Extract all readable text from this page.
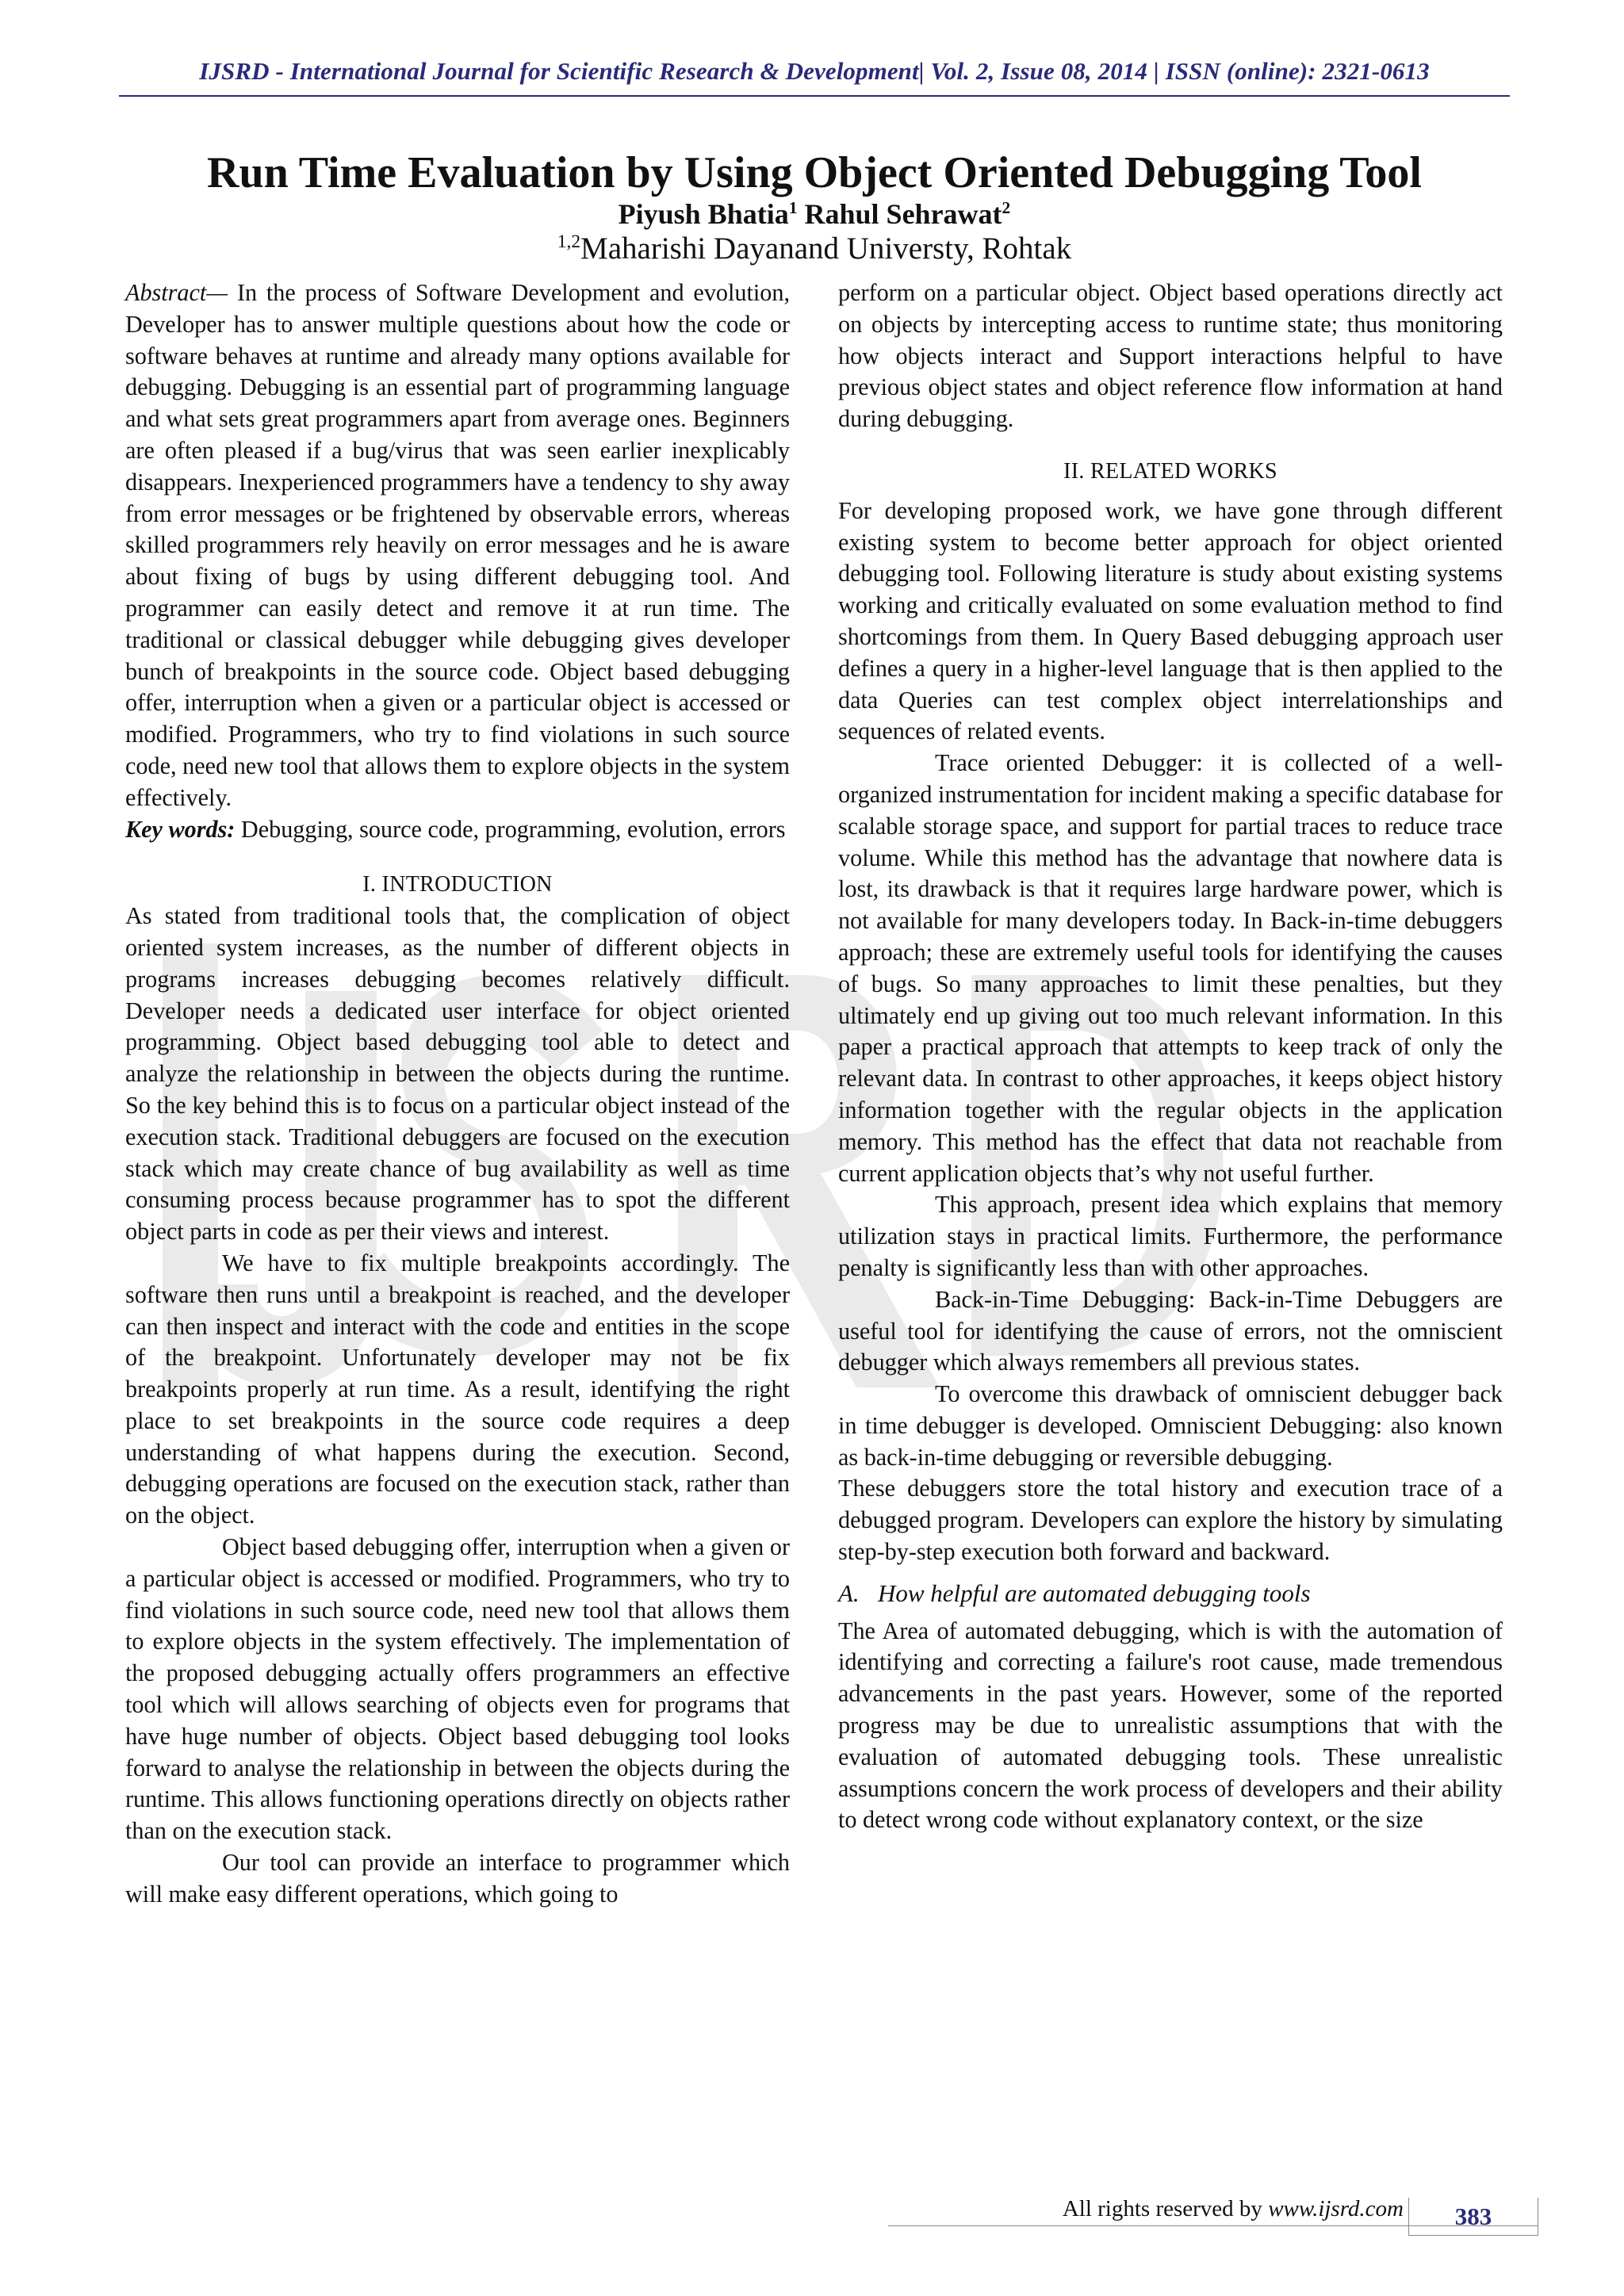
IJSRD - International Journal for Scientific Research & Development| Vol. 2, Issue 08, 2014 | ISSN (online): 2321-0613
Run Time Evaluation by Using Object Oriented Debugging Tool
Piyush Bhatia$^1$ Rahul Sehrawat$^2$
$^{1,2}$Maharishi Dayanand Universty, Rohtak

Abstract— In the process of Software Development and evolution, Developer has to answer multiple questions about how the code or software behaves at runtime and already many options available for debugging. Debugging is an essential part of programming language and what sets great programmers apart from average ones. Beginners are often pleased if a bug/virus that was seen earlier inexplicably disappears. Inexperienced programmers have a tendency to shy away from error messages or be frightened by observable errors, whereas skilled programmers rely heavily on error messages and he is aware about fixing of bugs by using different debugging tool. And programmer can easily detect and remove it at run time. The traditional or classical debugger while debugging gives developer bunch of breakpoints in the source code. Object based debugging offer, interruption when a given or a particular object is accessed or modified. Programmers, who try to find violations in such source code, need new tool that allows them to explore objects in the system effectively.

Key words: Debugging, source code, programming, evolution, errors

I. INTRODUCTION

As stated from traditional tools that, the complication of object oriented system increases, as the number of different objects in programs increases debugging becomes relatively difficult. Developer needs a dedicated user interface for object oriented programming. Object based debugging tool able to detect and analyze the relationship in between the objects during the runtime. So the key behind this is to focus on a particular object instead of the execution stack. Traditional debuggers are focused on the execution stack which may create chance of bug availability as well as time consuming process because programmer has to spot the different object parts in code as per their views and interest.

We have to fix multiple breakpoints accordingly. The software then runs until a breakpoint is reached, and the developer can then inspect and interact with the code and entities in the scope of the breakpoint. Unfortunately developer may not be fix breakpoints properly at run time. As a result, identifying the right place to set breakpoints in the source code requires a deep understanding of what happens during the execution. Second, debugging operations are focused on the execution stack, rather than on the object.

Object based debugging offer, interruption when a given or a particular object is accessed or modified. Programmers, who try to find violations in such source code, need new tool that allows them to explore objects in the system effectively. The implementation of the proposed debugging actually offers programmers an effective tool which will allows searching of objects even for programs that have huge number of objects. Object based debugging tool looks forward to analyse the relationship in between the objects during the runtime. This allows functioning operations directly on objects rather than on the execution stack.

Our tool can provide an interface to programmer which will make easy different operations, which going to

perform on a particular object. Object based operations directly act on objects by intercepting access to runtime state; thus monitoring how objects interact and Support interactions helpful to have previous object states and object reference flow information at hand during debugging.

II. RELATED WORKS

For developing proposed work, we have gone through different existing system to become better approach for object oriented debugging tool. Following literature is study about existing systems working and critically evaluated on some evaluation method to find shortcomings from them. In Query Based debugging approach user defines a query in a higher-level language that is then applied to the data Queries can test complex object interrelationships and sequences of related events.

Trace oriented Debugger: it is collected of a well-organized instrumentation for incident making a specific database for scalable storage space, and support for partial traces to reduce trace volume. While this method has the advantage that nowhere data is lost, its drawback is that it requires large hardware power, which is not available for many developers today. In Back-in-time debuggers approach; these are extremely useful tools for identifying the causes of bugs. So many approaches to limit these penalties, but they ultimately end up giving out too much relevant information. In this paper a practical approach that attempts to keep track of only the relevant data. In contrast to other approaches, it keeps object history information together with the regular objects in the application memory. This method has the effect that data not reachable from current application objects that’s why not useful further.

This approach, present idea which explains that memory utilization stays in practical limits. Furthermore, the performance penalty is significantly less than with other approaches.

Back-in-Time Debugging: Back-in-Time Debuggers are useful tool for identifying the cause of errors, not the omniscient debugger which always remembers all previous states.

To overcome this drawback of omniscient debugger back in time debugger is developed. Omniscient Debugging: also known as back-in-time debugging or reversible debugging.

These debuggers store the total history and execution trace of a debugged program. Developers can explore the history by simulating step-by-step execution both forward and backward.

A. How helpful are automated debugging tools

The Area of automated debugging, which is with the automation of identifying and correcting a failure's root cause, made tremendous advancements in the past years. However, some of the reported progress may be due to unrealistic assumptions that with the evaluation of automated debugging tools. These unrealistic assumptions concern the work process of developers and their ability to detect wrong code without explanatory context, or the size

All rights reserved by www.ijsrd.com	383
